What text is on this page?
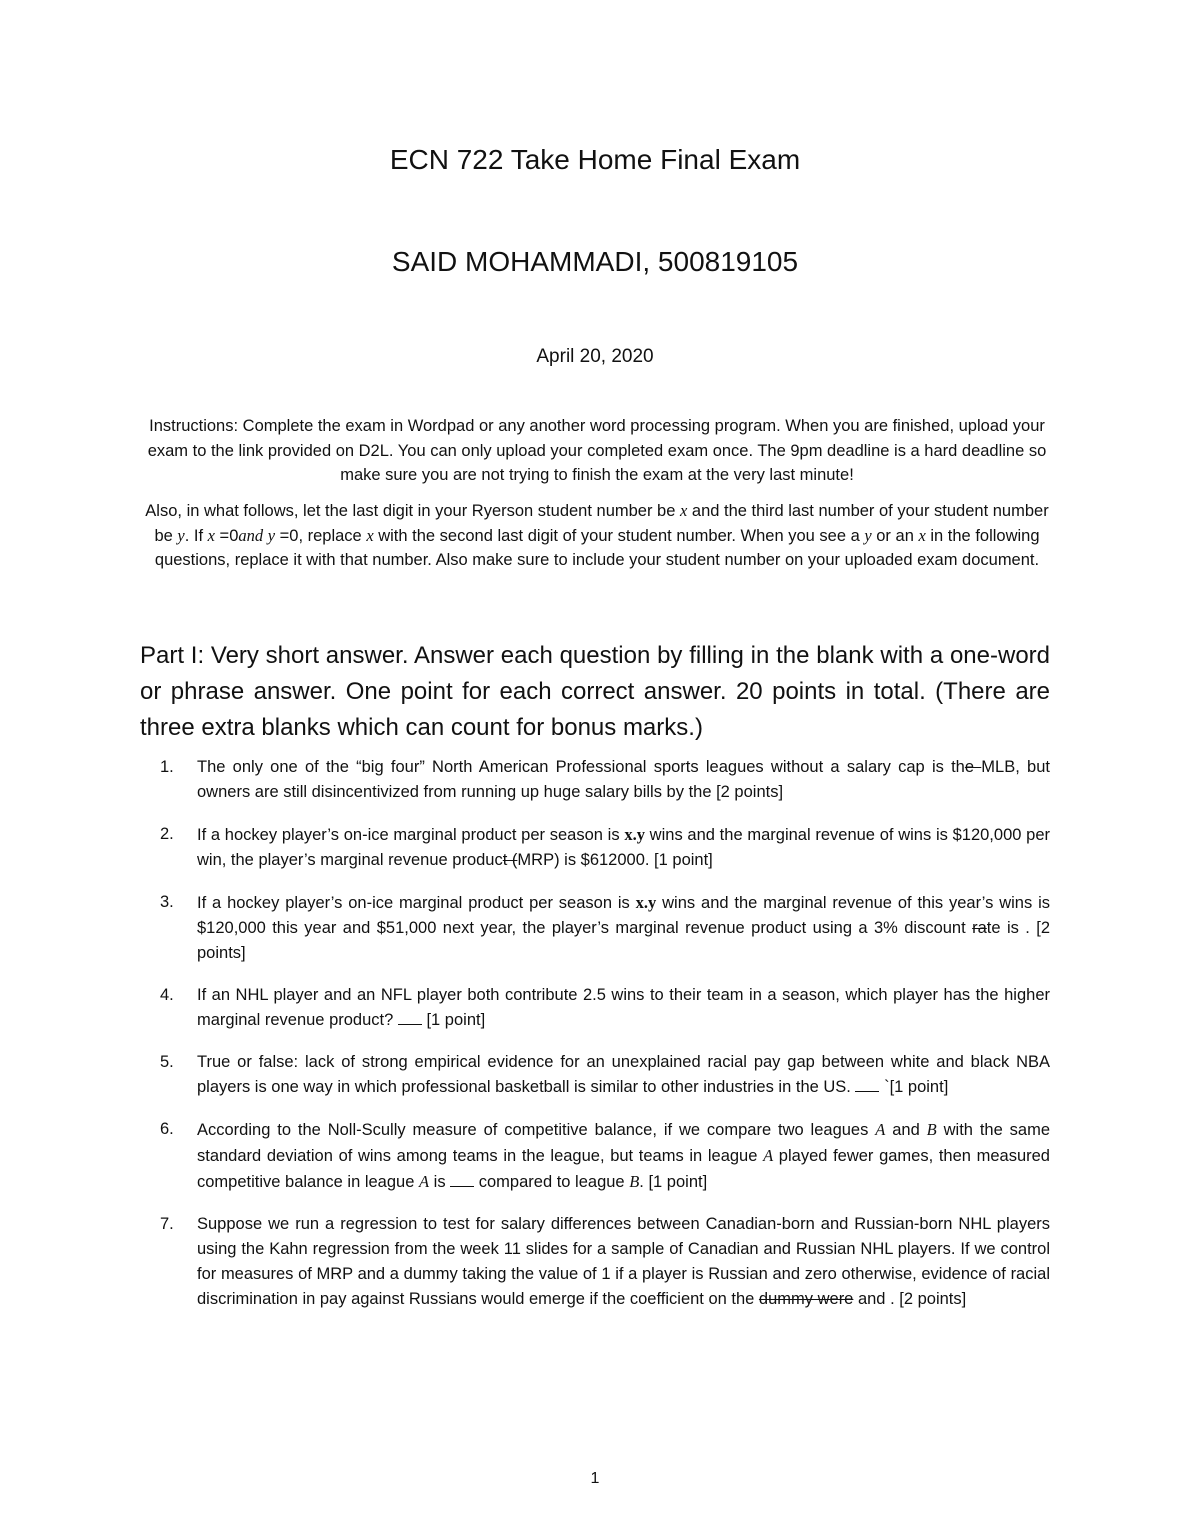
ECN 722 Take Home Final Exam
SAID MOHAMMADI, 500819105
April 20, 2020

Instructions: Complete the exam in Wordpad or any another word processing program. When you are finished, upload your exam to the link provided on D2L. You can only upload your completed exam once. The 9pm deadline is a hard deadline so make sure you are not trying to finish the exam at the very last minute!

Also, in what follows, let the last digit in your Ryerson student number be x and the third last number of your student number be y. If x =0and y =0, replace x with the second last digit of your student number. When you see a y or an x in the following questions, replace it with that number. Also make sure to include your student number on your uploaded exam document.

Part I: Very short answer. Answer each question by filling in the blank with a one-word or phrase answer. One point for each correct answer. 20 points in total. (There are three extra blanks which can count for bonus marks.)

1. The only one of the “big four” North American Professional sports leagues without a salary cap is the MLB, but owners are still disincentivized from running up huge salary bills by the [2 points]
2. If a hockey player’s on-ice marginal product per season is x.y wins and the marginal revenue of wins is $120,000 per win, the player’s marginal revenue product (MRP) is $612000. [1 point]
3. If a hockey player’s on-ice marginal product per season is x.y wins and the marginal revenue of this year’s wins is $120,000 this year and $51,000 next year, the player’s marginal revenue product using a 3% discount rate is . [2 points]
4. If an NHL player and an NFL player both contribute 2.5 wins to their team in a season, which player has the higher marginal revenue product?  [1 point]
5. True or false: lack of strong empirical evidence for an unexplained racial pay gap between white and black NBA players is one way in which professional basketball is similar to other industries in the US.  `[1 point]
6. According to the Noll-Scully measure of competitive balance, if we compare two leagues A and B with the same standard deviation of wins among teams in the league, but teams in league A played fewer games, then measured competitive balance in league A is  compared to league B. [1 point]
7. Suppose we run a regression to test for salary differences between Canadian-born and Russian-born NHL players using the Kahn regression from the week 11 slides for a sample of Canadian and Russian NHL players. If we control for measures of MRP and a dummy taking the value of 1 if a player is Russian and zero otherwise, evidence of racial discrimination in pay against Russians would emerge if the coefficient on the dummy were and . [2 points]
1
